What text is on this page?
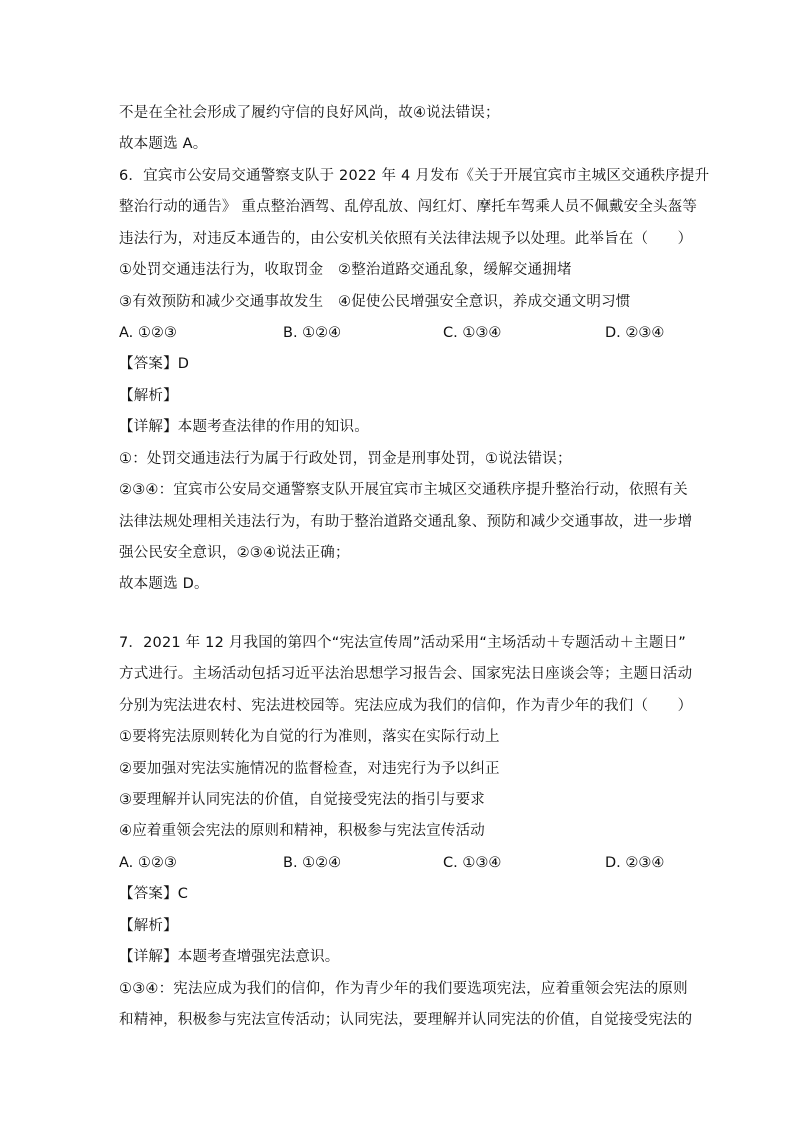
不是在全社会形成了履约守信的良好风尚，故④说法错误；
故本题选 A。
6．宜宾市公安局交通警察支队于 2022 年 4 月发布《关于开展宜宾市主城区交通秩序提升
整治行动的通告》 重点整治酒驾、乱停乱放、闯红灯、摩托车驾乘人员不佩戴安全头盔等
违法行为，对违反本通告的，由公安机关依照有关法律法规予以处理。此举旨在（　　）
①处罚交通违法行为，收取罚金　②整治道路交通乱象，缓解交通拥堵
③有效预防和减少交通事故发生　④促使公民增强安全意识，养成交通文明习惯
A. ①②③	B. ①②④	C. ①③④	D. ②③④
【答案】D
【解析】
【详解】本题考查法律的作用的知识。
①：处罚交通违法行为属于行政处罚，罚金是刑事处罚，①说法错误；
②③④：宜宾市公安局交通警察支队开展宜宾市主城区交通秩序提升整治行动，依照有关
法律法规处理相关违法行为，有助于整治道路交通乱象、预防和减少交通事故，进一步增
强公民安全意识，②③④说法正确；
故本题选 D。
7．2021 年 12 月我国的第四个“宪法宣传周”活动采用“主场活动＋专题活动＋主题日”
方式进行。主场活动包括习近平法治思想学习报告会、国家宪法日座谈会等；主题日活动
分别为宪法进农村、宪法进校园等。宪法应成为我们的信仰，作为青少年的我们（　　）
①要将宪法原则转化为自觉的行为准则，落实在实际行动上
②要加强对宪法实施情况的监督检查，对违宪行为予以纠正
③要理解并认同宪法的价值，自觉接受宪法的指引与要求
④应着重领会宪法的原则和精神，积极参与宪法宣传活动
A. ①②③	B. ①②④	C. ①③④	D. ②③④
【答案】C
【解析】
【详解】本题考查增强宪法意识。
①③④：宪法应成为我们的信仰，作为青少年的我们要选项宪法，应着重领会宪法的原则
和精神，积极参与宪法宣传活动；认同宪法，要理解并认同宪法的价值，自觉接受宪法的
